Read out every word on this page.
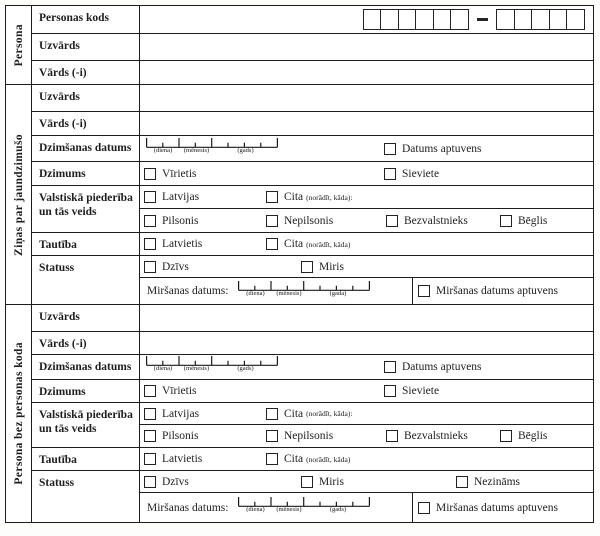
Persona
Personas kods
Uzvārds
Vārds (-i)
Ziņas par jaundzimušo
Uzvārds
Vārds (-i)
Dzimšanas datums	(diena)	(mēnesis)	(gads)	Datums aptuvens
Dzimums	Vīrietis	Sieviete
Valstiskā piederība un tās veids
Latvijas	Cita (norādīt, kāda):
Pilsonis	Nepilsonis	Bezvalstnieks	Bēglis
Tautība	Latvietis	Cita (norādīt, kāda)
Statuss	Dzīvs	Miris
Miršanas datums:	(diena)	(mēnesis)	(gada)	Miršanas datums aptuvens
Persona bez personas koda
Uzvārds
Vārds (-i)
Dzimšanas datums	(diena)	(mēnesis)	(gads)	Datums aptuvens
Dzimums	Vīrietis	Sieviete
Valstiskā piederība un tās veids
Latvijas	Cita (norādīt, kāda):
Pilsonis	Nepilsonis	Bezvalstnieks	Bēglis
Tautība	Latvietis	Cita (norādīt, kāda)
Statuss	Dzīvs	Miris	Nezināms
Miršanas datums:	(diena)	(mēnesis)	(gads)	Miršanas datums aptuvens
